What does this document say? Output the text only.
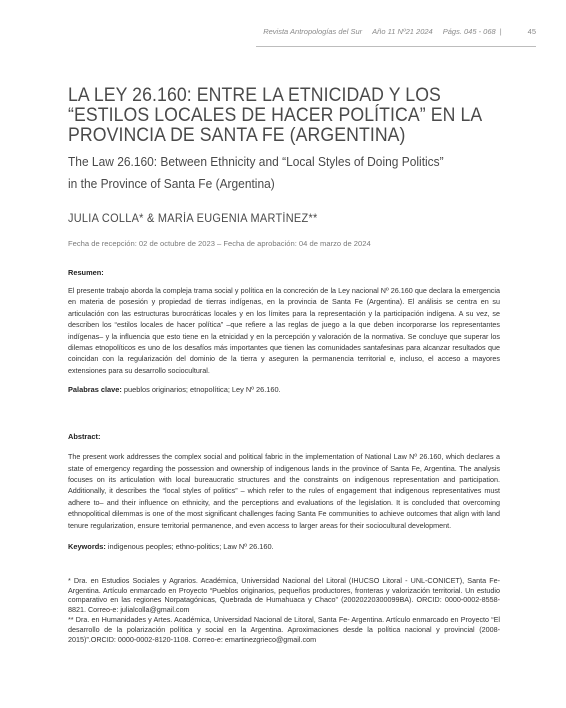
Revista Antropologías del Sur Año 11 Nº21 2024 Págs. 045 - 068 |	45
LA LEY 26.160: ENTRE LA ETNICIDAD Y LOS “ESTILOS LOCALES DE HACER POLÍTICA” EN LA PROVINCIA DE SANTA FE (ARGENTINA)
The Law 26.160: Between Ethnicity and “Local Styles of Doing Politics”
in the Province of Santa Fe (Argentina)
JULIA COLLA* & MARÍA EUGENIA MARTÍNEZ**
Fecha de recepción: 02 de octubre de 2023 – Fecha de aprobación: 04 de marzo de 2024
Resumen:
El presente trabajo aborda la compleja trama social y política en la concreción de la Ley nacional Nº 26.160 que declara la emergencia en materia de posesión y propiedad de tierras indígenas, en la provincia de Santa Fe (Argentina). El análisis se centra en su articulación con las estructuras burocráticas locales y en los límites para la representación y la participación indígena. A su vez, se describen los “estilos locales de hacer política” –que refiere a las reglas de juego a la que deben incorporarse los representantes indígenas– y la influencia que esto tiene en la etnicidad y en la percepción y valoración de la normativa. Se concluye que superar los dilemas etnopolíticos es uno de los desafíos más importantes que tienen las comunidades santafesinas para alcanzar resultados que coincidan con la regularización del dominio de la tierra y aseguren la permanencia territorial e, incluso, el acceso a mayores extensiones para su desarrollo sociocultural.
Palabras clave: pueblos originarios; etnopolítica; Ley Nº 26.160.
Abstract:
The present work addresses the complex social and political fabric in the implementation of National Law Nº 26.160, which declares a state of emergency regarding the possession and ownership of indigenous lands in the province of Santa Fe, Argentina. The analysis focuses on its articulation with local bureaucratic structures and the constraints on indigenous representation and participation. Additionally, it describes the “local styles of politics” – which refer to the rules of engagement that indigenous representatives must adhere to– and their influence on ethnicity, and the perceptions and evaluations of the legislation. It is concluded that overcoming ethnopolitical dilemmas is one of the most significant challenges facing Santa Fe communities to achieve outcomes that align with land tenure regularization, ensure territorial permanence, and even access to larger areas for their sociocultural development.
Keywords: indigenous peoples; ethno-politics; Law Nº 26.160.

* Dra. en Estudios Sociales y Agrarios. Académica, Universidad Nacional del Litoral (IHUCSO Litoral - UNL-CONICET), Santa Fe- Argentina. Artículo enmarcado en Proyecto “Pueblos originarios, pequeños productores, fronteras y valorización territorial. Un estudio comparativo en las regiones Norpatagónicas, Quebrada de Humahuaca y Chaco” (20020220300099BA). ORCID: 0000-0002-8558-8821. Correo-e: julialcolla@gmail.com

** Dra. en Humanidades y Artes. Académica, Universidad Nacional de Litoral, Santa Fe- Argentina. Artículo enmarcado en Proyecto “El desarrollo de la polarización política y social en la Argentina. Aproximaciones desde la política nacional y provincial (2008-2015)”.ORCID: 0000-0002-8120-1108. Correo-e: emartinezgrieco@gmail.com
